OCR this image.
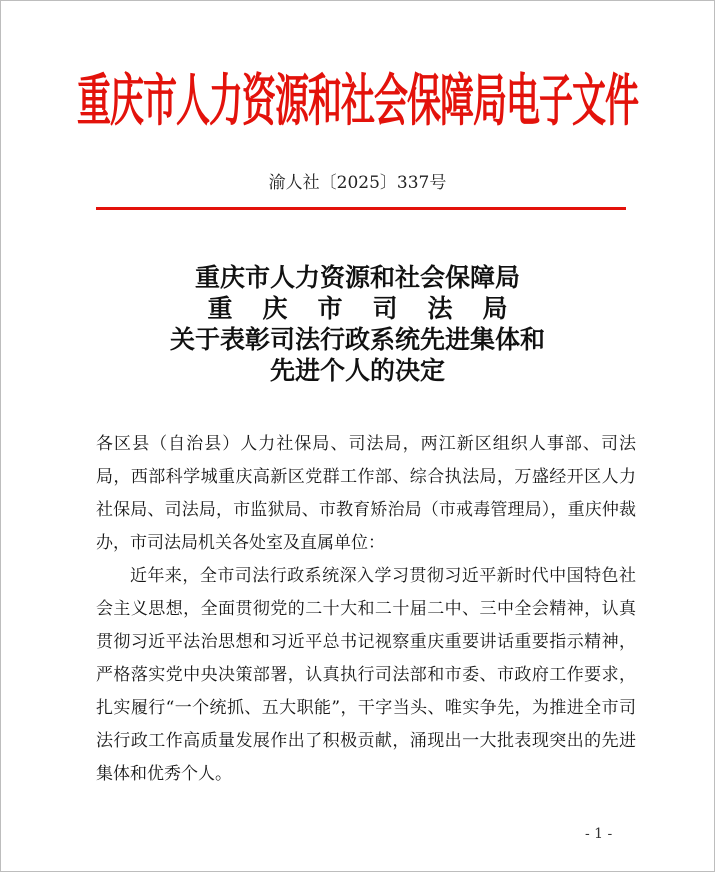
重庆市人力资源和社会保障局电子文件
渝人社〔2025〕337号
重庆市人力资源和社会保障局
重庆市司法局
关于表彰司法行政系统先进集体和
先进个人的决定

各区县（自治县）人力社保局、司法局，两江新区组织人事部、司法局，西部科学城重庆高新区党群工作部、综合执法局，万盛经开区人力社保局、司法局，市监狱局、市教育矫治局（市戒毒管理局），重庆仲裁办，市司法局机关各处室及直属单位：

近年来，全市司法行政系统深入学习贯彻习近平新时代中国特色社会主义思想，全面贯彻党的二十大和二十届二中、三中全会精神，认真贯彻习近平法治思想和习近平总书记视察重庆重要讲话重要指示精神，严格落实党中央决策部署，认真执行司法部和市委、市政府工作要求，扎实履行“一个统抓、五大职能”，干字当头、唯实争先，为推进全市司法行政工作高质量发展作出了积极贡献，涌现出一大批表现突出的先进集体和优秀个人。

- 1 -
